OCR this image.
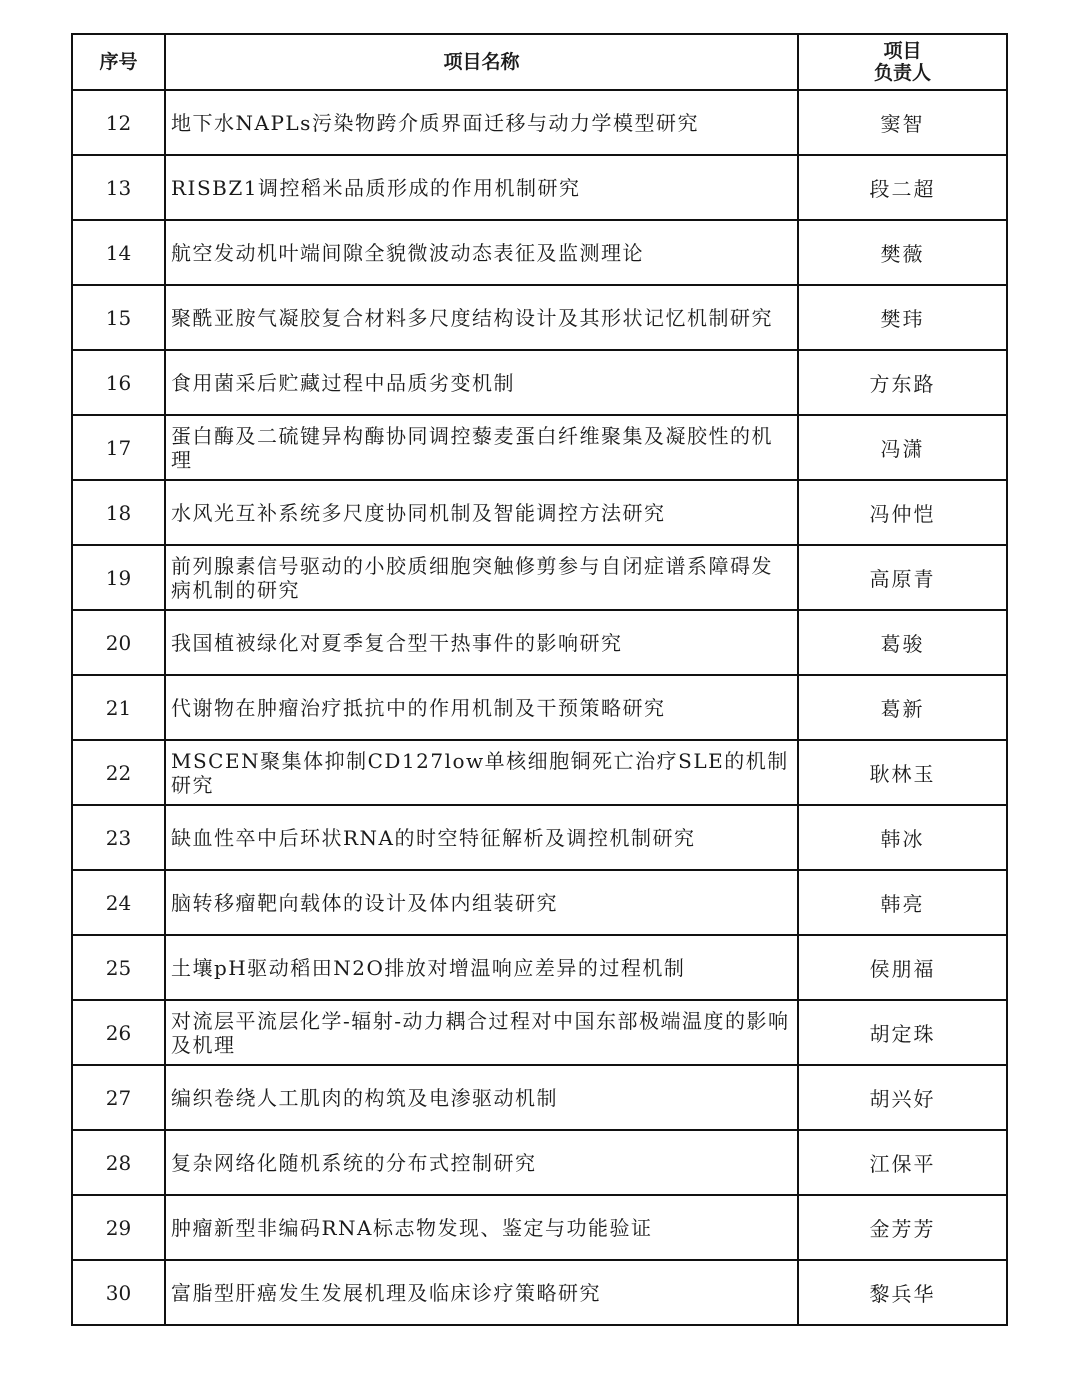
序号	项目名称	项目
负责人

12	地下水NAPLs污染物跨介质界面迁移与动力学模型研究	窦智
13	RISBZ1调控稻米品质形成的作用机制研究	段二超
14	航空发动机叶端间隙全貌微波动态表征及监测理论	樊薇
15	聚酰亚胺气凝胶复合材料多尺度结构设计及其形状记忆机制研究	樊玮
16	食用菌采后贮藏过程中品质劣变机制	方东路
17	蛋白酶及二硫键异构酶协同调控藜麦蛋白纤维聚集及凝胶性的机理	冯潇
18	水风光互补系统多尺度协同机制及智能调控方法研究	冯仲恺
19	前列腺素信号驱动的小胶质细胞突触修剪参与自闭症谱系障碍发病机制的研究	高原青
20	我国植被绿化对夏季复合型干热事件的影响研究	葛骏
21	代谢物在肿瘤治疗抵抗中的作用机制及干预策略研究	葛新
22	MSCEN聚集体抑制CD127low单核细胞铜死亡治疗SLE的机制研究	耿林玉
23	缺血性卒中后环状RNA的时空特征解析及调控机制研究	韩冰
24	脑转移瘤靶向载体的设计及体内组装研究	韩亮
25	土壤pH驱动稻田N2O排放对增温响应差异的过程机制	侯朋福
26	对流层平流层化学-辐射-动力耦合过程对中国东部极端温度的影响及机理	胡定珠
27	编织卷绕人工肌肉的构筑及电渗驱动机制	胡兴好
28	复杂网络化随机系统的分布式控制研究	江保平
29	肿瘤新型非编码RNA标志物发现、鉴定与功能验证	金芳芳
30	富脂型肝癌发生发展机理及临床诊疗策略研究	黎兵华
